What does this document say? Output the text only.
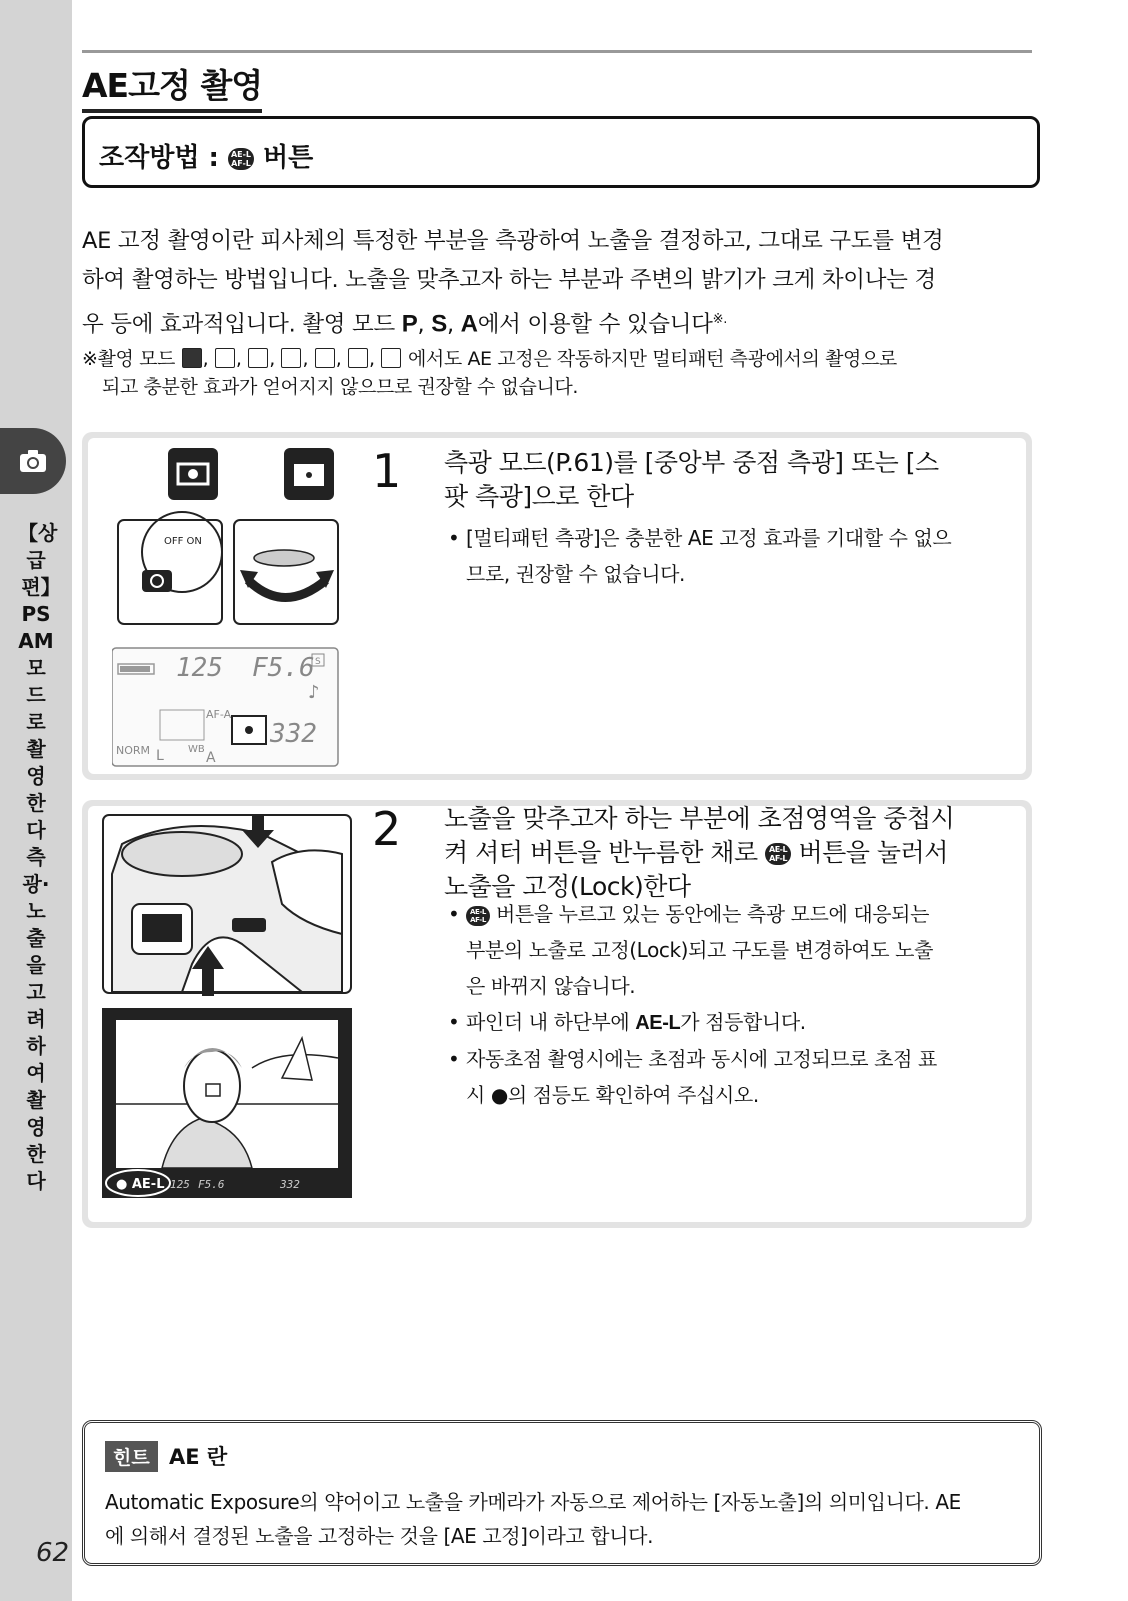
【상급편】PSAM모드로 촬영한다 측광·노출을 고려하여 촬영한다
62
AE고정 촬영
조작방법 : AE-L
AF-L 버튼
AE 고정 촬영이란 피사체의 특정한 부분을 측광하여 노출을 결정하고, 그대로 구도를 변경
하여 촬영하는 방법입니다. 노출을 맞추고자 하는 부분과 주변의 밝기가 크게 차이나는 경
우 등에 효과적입니다. 촬영 모드 P, S, A에서 이용할 수 있습니다※.
※촬영 모드 , , , , , ,  에서도 AE 고정은 작동하지만 멀티패턴 측광에서의 촬영으로
되고 충분한 효과가 얻어지지 않으므로 권장할 수 없습니다.
OFF ON
125 F5.6 S
♪
AF-A
332
NORM L WB
A
1 측광 모드(P.61)를 [중앙부 중점 측광] 또는 [스
팟 측광]으로 한다
• [멀티패턴 측광]은 충분한 AE 고정 효과를 기대할 수 없으
므로, 권장할 수 없습니다.
● AE-L 125 F5.6	332
2 노출을 맞추고자 하는 부분에 초점영역을 중첩시
켜 셔터 버튼을 반누름한 채로 AE-L
AF-L 버튼을 눌러서
노출을 고정(Lock)한다
• AE-L
AF-L 버튼을 누르고 있는 동안에는 측광 모드에 대응되는
부분의 노출로 고정(Lock)되고 구도를 변경하여도 노출
은 바뀌지 않습니다.
• 파인더 내 하단부에 AE-L가 점등합니다.
• 자동초점 촬영시에는 초점과 동시에 고정되므로 초점 표
시 ●의 점등도 확인하여 주십시오.
힌트 AE 란
Automatic Exposure의 약어이고 노출을 카메라가 자동으로 제어하는 [자동노출]의 의미입니다. AE
에 의해서 결정된 노출을 고정하는 것을 [AE 고정]이라고 합니다.
